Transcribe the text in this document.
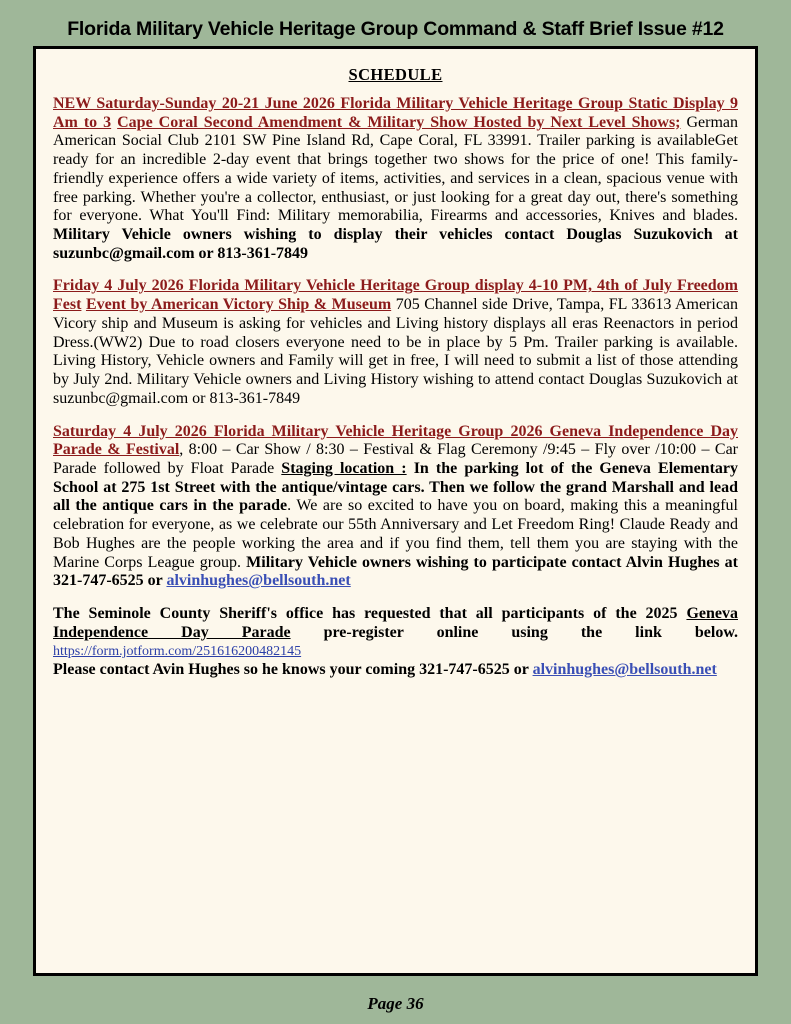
Florida Military Vehicle Heritage Group Command & Staff Brief Issue #12
SCHEDULE
NEW Saturday-Sunday 20-21 June 2026 Florida Military Vehicle Heritage Group Static Display 9 Am to 3 Cape Coral Second Amendment & Military Show Hosted by Next Level Shows; German American Social Club 2101 SW Pine Island Rd, Cape Coral, FL 33991. Trailer parking is availableGet ready for an incredible 2-day event that brings together two shows for the price of one! This family-friendly experience offers a wide variety of items, activities, and services in a clean, spacious venue with free parking. Whether you're a collector, enthusiast, or just looking for a great day out, there's something for everyone. What You'll Find: Military memorabilia, Firearms and accessories, Knives and blades. Military Vehicle owners wishing to display their vehicles contact Douglas Suzukovich at suzunbc@gmail.com or 813-361-7849
Friday 4 July 2026 Florida Military Vehicle Heritage Group display 4-10 PM, 4th of July Freedom Fest Event by American Victory Ship & Museum 705 Channel side Drive, Tampa, FL 33613 American Vicory ship and Museum is asking for vehicles and Living history displays all eras Reenactors in period Dress.(WW2) Due to road closers everyone need to be in place by 5 Pm. Trailer parking is available. Living History, Vehicle owners and Family will get in free, I will need to submit a list of those attending by July 2nd. Military Vehicle owners and Living History wishing to attend contact Douglas Suzukovich at suzunbc@gmail.com or 813-361-7849
Saturday 4 July 2026 Florida Military Vehicle Heritage Group 2026 Geneva Independence Day Parade & Festival, 8:00 – Car Show / 8:30 – Festival & Flag Ceremony /9:45 – Fly over /10:00 – Car Parade followed by Float Parade Staging location : In the parking lot of the Geneva Elementary School at 275 1st Street with the antique/vintage cars. Then we follow the grand Marshall and lead all the antique cars in the parade. We are so excited to have you on board, making this a meaningful celebration for everyone, as we celebrate our 55th Anniversary and Let Freedom Ring! Claude Ready and Bob Hughes are the people working the area and if you find them, tell them you are staying with the Marine Corps League group. Military Vehicle owners wishing to participate contact Alvin Hughes at 321-747-6525 or alvinhughes@bellsouth.net
The Seminole County Sheriff's office has requested that all participants of the 2025 Geneva Independence Day Parade pre-register online using the link below. https://form.jotform.com/251616200482145
Please contact Avin Hughes so he knows your coming 321-747-6525 or alvinhughes@bellsouth.net
Page 36
